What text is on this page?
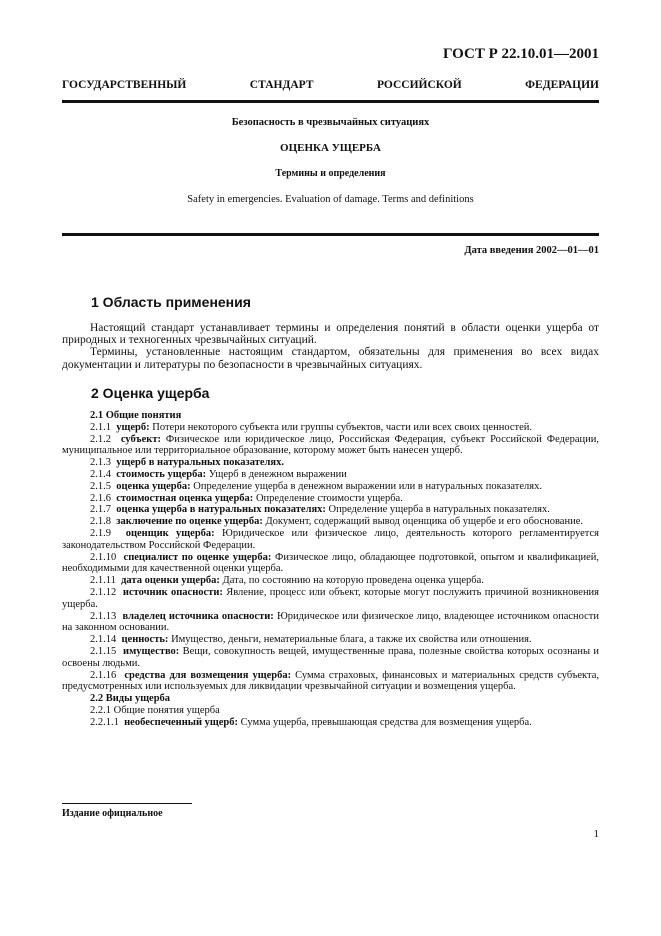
ГОСТ Р 22.10.01—2001
ГОСУДАРСТВЕННЫЙ СТАНДАРТ РОССИЙСКОЙ ФЕДЕРАЦИИ
Безопасность в чрезвычайных ситуациях
ОЦЕНКА УЩЕРБА
Термины и определения
Safety in emergencies. Evaluation of damage. Terms and definitions
Дата введения 2002—01—01
1 Область применения

Настоящий стандарт устанавливает термины и определения понятий в области оценки ущерба от природных и техногенных чрезвычайных ситуаций.

Термины, установленные настоящим стандартом, обязательны для применения во всех видах документации и литературы по безопасности в чрезвычайных ситуациях.

2 Оценка ущерба

2.1 Общие понятия

2.1.1 ущерб: Потери некоторого субъекта или группы субъектов, части или всех своих ценностей.

2.1.2 субъект: Физическое или юридическое лицо, Российская Федерация, субъект Российской Федерации, муниципальное или территориальное образование, которому может быть нанесен ущерб.

2.1.3 ущерб в натуральных показателях.

2.1.4 стоимость ущерба: Ущерб в денежном выражении

2.1.5 оценка ущерба: Определение ущерба в денежном выражении или в натуральных показателях.

2.1.6 стоимостная оценка ущерба: Определение стоимости ущерба.

2.1.7 оценка ущерба в натуральных показателях: Определение ущерба в натуральных показателях.

2.1.8 заключение по оценке ущерба: Документ, содержащий вывод оценщика об ущербе и его обоснование.

2.1.9 оценщик ущерба: Юридическое или физическое лицо, деятельность которого регламентируется законодательством Российской Федерации.

2.1.10 специалист по оценке ущерба: Физическое лицо, обладающее подготовкой, опытом и квалификацией, необходимыми для качественной оценки ущерба.

2.1.11 дата оценки ущерба: Дата, по состоянию на которую проведена оценка ущерба.

2.1.12 источник опасности: Явление, процесс или объект, которые могут послужить причиной возникновения ущерба.

2.1.13 владелец источника опасности: Юридическое или физическое лицо, владеющее источником опасности на законном основании.

2.1.14 ценность: Имущество, деньги, нематериальные блага, а также их свойства или отношения.

2.1.15 имущество: Вещи, совокупность вещей, имущественные права, полезные свойства которых осознаны и освоены людьми.

2.1.16 средства для возмещения ущерба: Сумма страховых, финансовых и материальных средств субъекта, предусмотренных или используемых для ликвидации чрезвычайной ситуации и возмещения ущерба.

2.2 Виды ущерба

2.2.1 Общие понятия ущерба

2.2.1.1 необеспеченный ущерб: Сумма ущерба, превышающая средства для возмещения ущерба.

Издание официальное
1
